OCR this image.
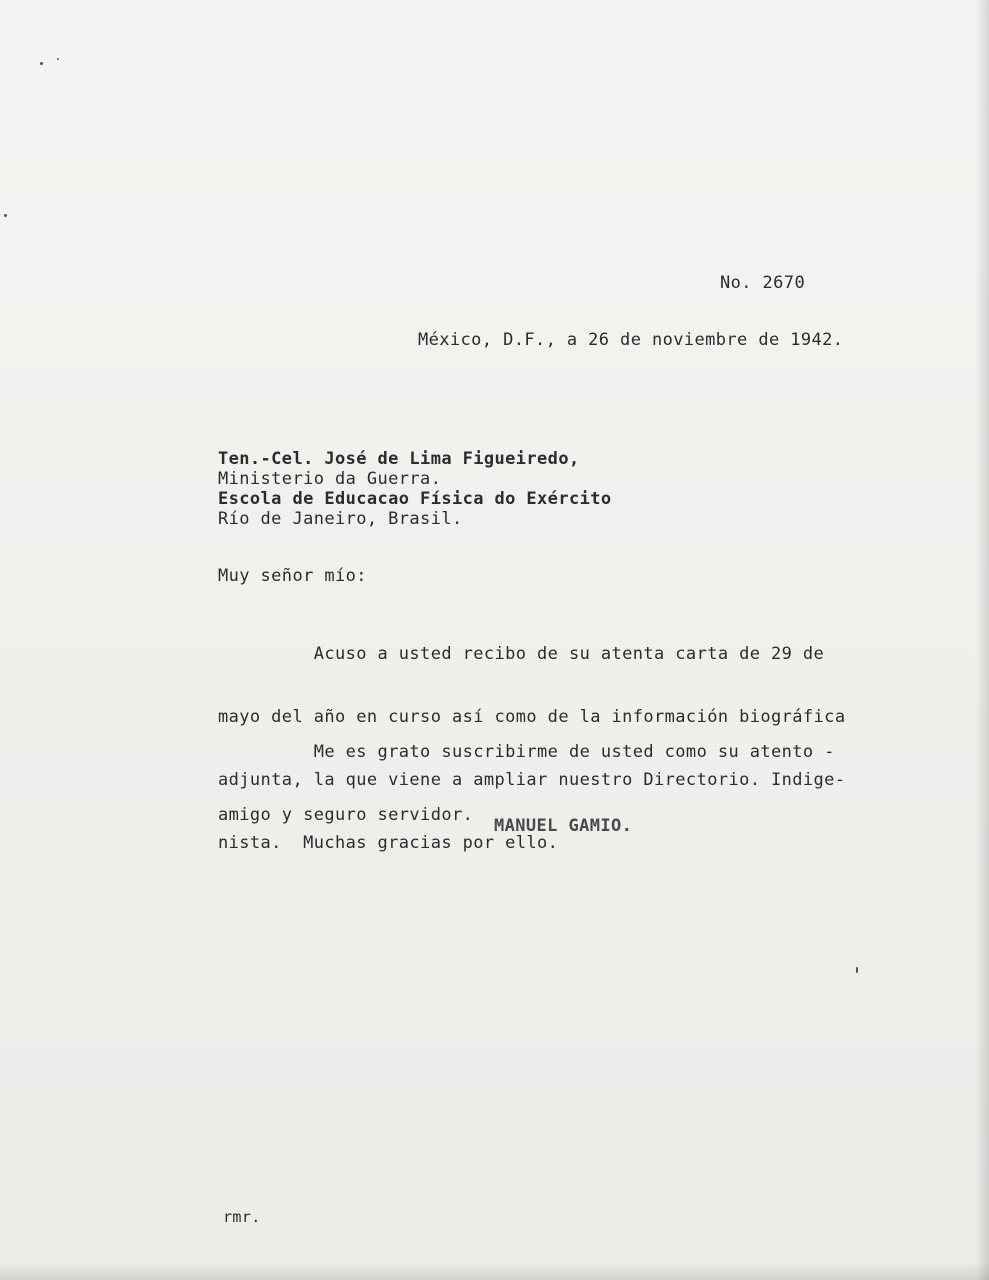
No. 2670
México, D.F., a 26 de noviembre de 1942.
Ten.-Cel. José de Lima Figueiredo,
Ministerio da Guerra.
Escola de Educacao Física do Exército
Río de Janeiro, Brasil.
Muy señor mío:

Acuso a usted recibo de su atenta carta de 29 de

mayo del año en curso así como de la información biográfica

adjunta, la que viene a ampliar nuestro Directorio. Indige-

nista.  Muchas gracias por ello.

Me es grato suscribirme de usted como su atento -

amigo y seguro servidor.

MANUEL GAMIO.
rmr.
